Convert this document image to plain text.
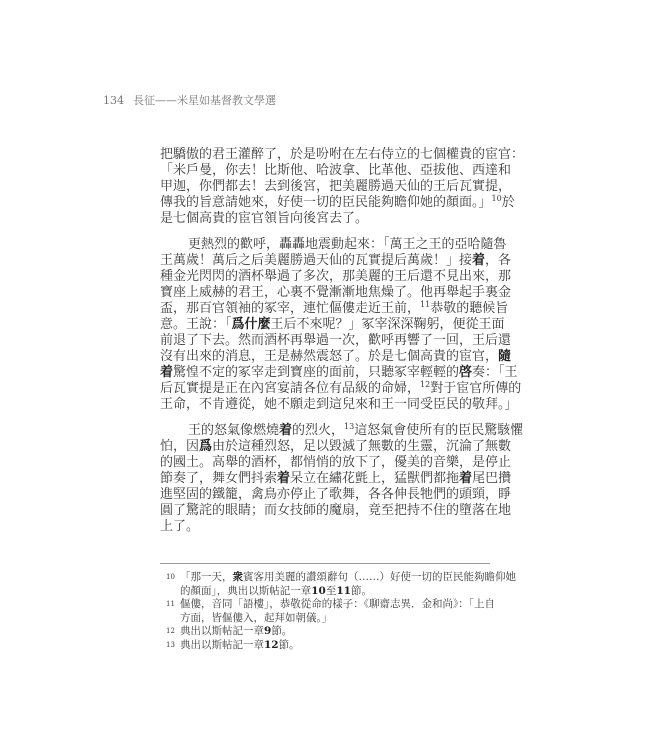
134 長征——米星如基督教文學選
把驕傲的君王灌醉了，於是吩咐在左右侍立的七個權貴的宦官：
「米戶曼，你去！比斯他、哈波拿、比革他、亞拔他、西達和
甲迦，你們都去！去到後宮，把美麗勝過天仙的王后瓦實提，
傳我的旨意請她來，好使一切的臣民能夠瞻仰她的顏面。」$^{10}$於
是七個高貴的宦官領旨向後宮去了。
更熱烈的歡呼，轟轟地震動起來：「萬王之王的亞哈隨魯
王萬歲！萬后之后美麗勝過天仙的瓦實提后萬歲！」接着，各
種金光閃閃的酒杯舉過了多次，那美麗的王后還不見出來，那
寶座上威赫的君王，心裏不覺漸漸地焦燥了。他再舉起手裏金
盃，那百官領袖的冢宰，連忙傴僂走近王前，$^{11}$恭敬的聽候旨
意。王說：「爲什麼王后不來呢？」冢宰深深鞠躬，便從王面
前退了下去。然而酒杯再舉過一次，歡呼再響了一回，王后還
沒有出來的消息，王是赫然震怒了。於是七個高貴的宦官，隨
着驚惶不定的冢宰走到寶座的面前，只聽冢宰輕輕的啓奏：「王
后瓦實提是正在內宮宴請各位有品級的命婦，$^{12}$對于宦官所傳的
王命，不肯遵從，她不願走到這兒來和王一同受臣民的敬拜。」
王的怒氣像燃燒着的烈火，$^{13}$這怒氣會使所有的臣民驚駭懼
怕，因爲由於這種烈怒，足以毀滅了無數的生靈，沉淪了無數
的國土。高舉的酒杯，都悄悄的放下了，優美的音樂，是停止
節奏了，舞女們抖索着呆立在繡花氈上，猛獸們都拖着尾巴攢
進堅固的鐵籠，禽鳥亦停止了歌舞，各各伸長牠們的頭頸，睜
圓了驚詫的眼睛；而女技師的魔扇，竟至把持不住的墮落在地
上了。
10 「那一天，衆賓客用美麗的讚頌辭句（……）好使一切的臣民能夠瞻仰她
的顏面」，典出以斯帖記一章10至11節。
11 傴僂，音同「語樓」，恭敬從命的樣子：《聊齋志異．金和尚》：「上自
方面，皆傴僂入，起拜如朝儀。」
12 典出以斯帖記一章9節。
13 典出以斯帖記一章12節。
